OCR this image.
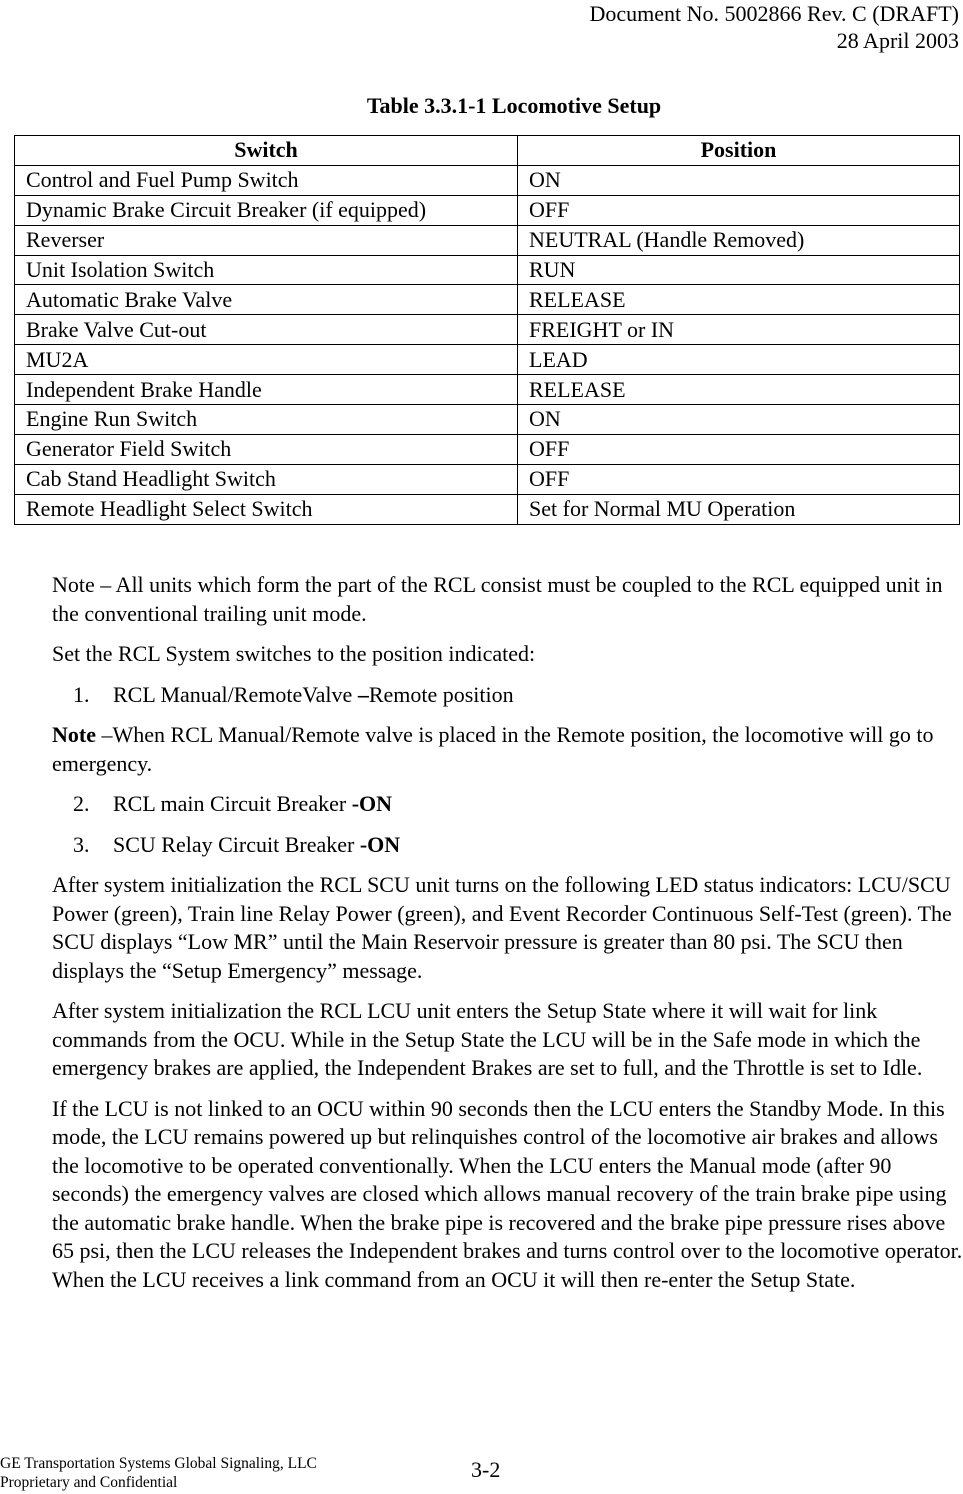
Document No. 5002866 Rev. C (DRAFT)
28 April 2003
Table 3.3.1-1 Locomotive Setup
Switch	Position
Control and Fuel Pump Switch	ON
Dynamic Brake Circuit Breaker (if equipped)	OFF
Reverser	NEUTRAL (Handle Removed)
Unit Isolation Switch	RUN
Automatic Brake Valve	RELEASE
Brake Valve Cut-out	FREIGHT or IN
MU2A	LEAD
Independent Brake Handle	RELEASE
Engine Run Switch	ON
Generator Field Switch	OFF
Cab Stand Headlight Switch	OFF
Remote Headlight Select Switch	Set for Normal MU Operation

Note – All units which form the part of the RCL consist must be coupled to the RCL equipped unit in the conventional trailing unit mode.

Set the RCL System switches to the position indicated:

1. RCL Manual/RemoteValve –Remote position

Note –When RCL Manual/Remote valve is placed in the Remote position, the locomotive will go to emergency.

2. RCL main Circuit Breaker -ON
3. SCU Relay Circuit Breaker -ON

After system initialization the RCL SCU unit turns on the following LED status indicators: LCU/SCU Power (green), Train line Relay Power (green), and Event Recorder Continuous Self-Test (green). The SCU displays “Low MR” until the Main Reservoir pressure is greater than 80 psi. The SCU then displays the “Setup Emergency” message.

After system initialization the RCL LCU unit enters the Setup State where it will wait for link commands from the OCU. While in the Setup State the LCU will be in the Safe mode in which the emergency brakes are applied, the Independent Brakes are set to full, and the Throttle is set to Idle.

If the LCU is not linked to an OCU within 90 seconds then the LCU enters the Standby Mode. In this mode, the LCU remains powered up but relinquishes control of the locomotive air brakes and allows the locomotive to be operated conventionally. When the LCU enters the Manual mode (after 90 seconds) the emergency valves are closed which allows manual recovery of the train brake pipe using the automatic brake handle. When the brake pipe is recovered and the brake pipe pressure rises above 65 psi, then the LCU releases the Independent brakes and turns control over to the locomotive operator. When the LCU receives a link command from an OCU it will then re-enter the Setup State.

GE Transportation Systems Global Signaling, LLC
Proprietary and Confidential
3-2
